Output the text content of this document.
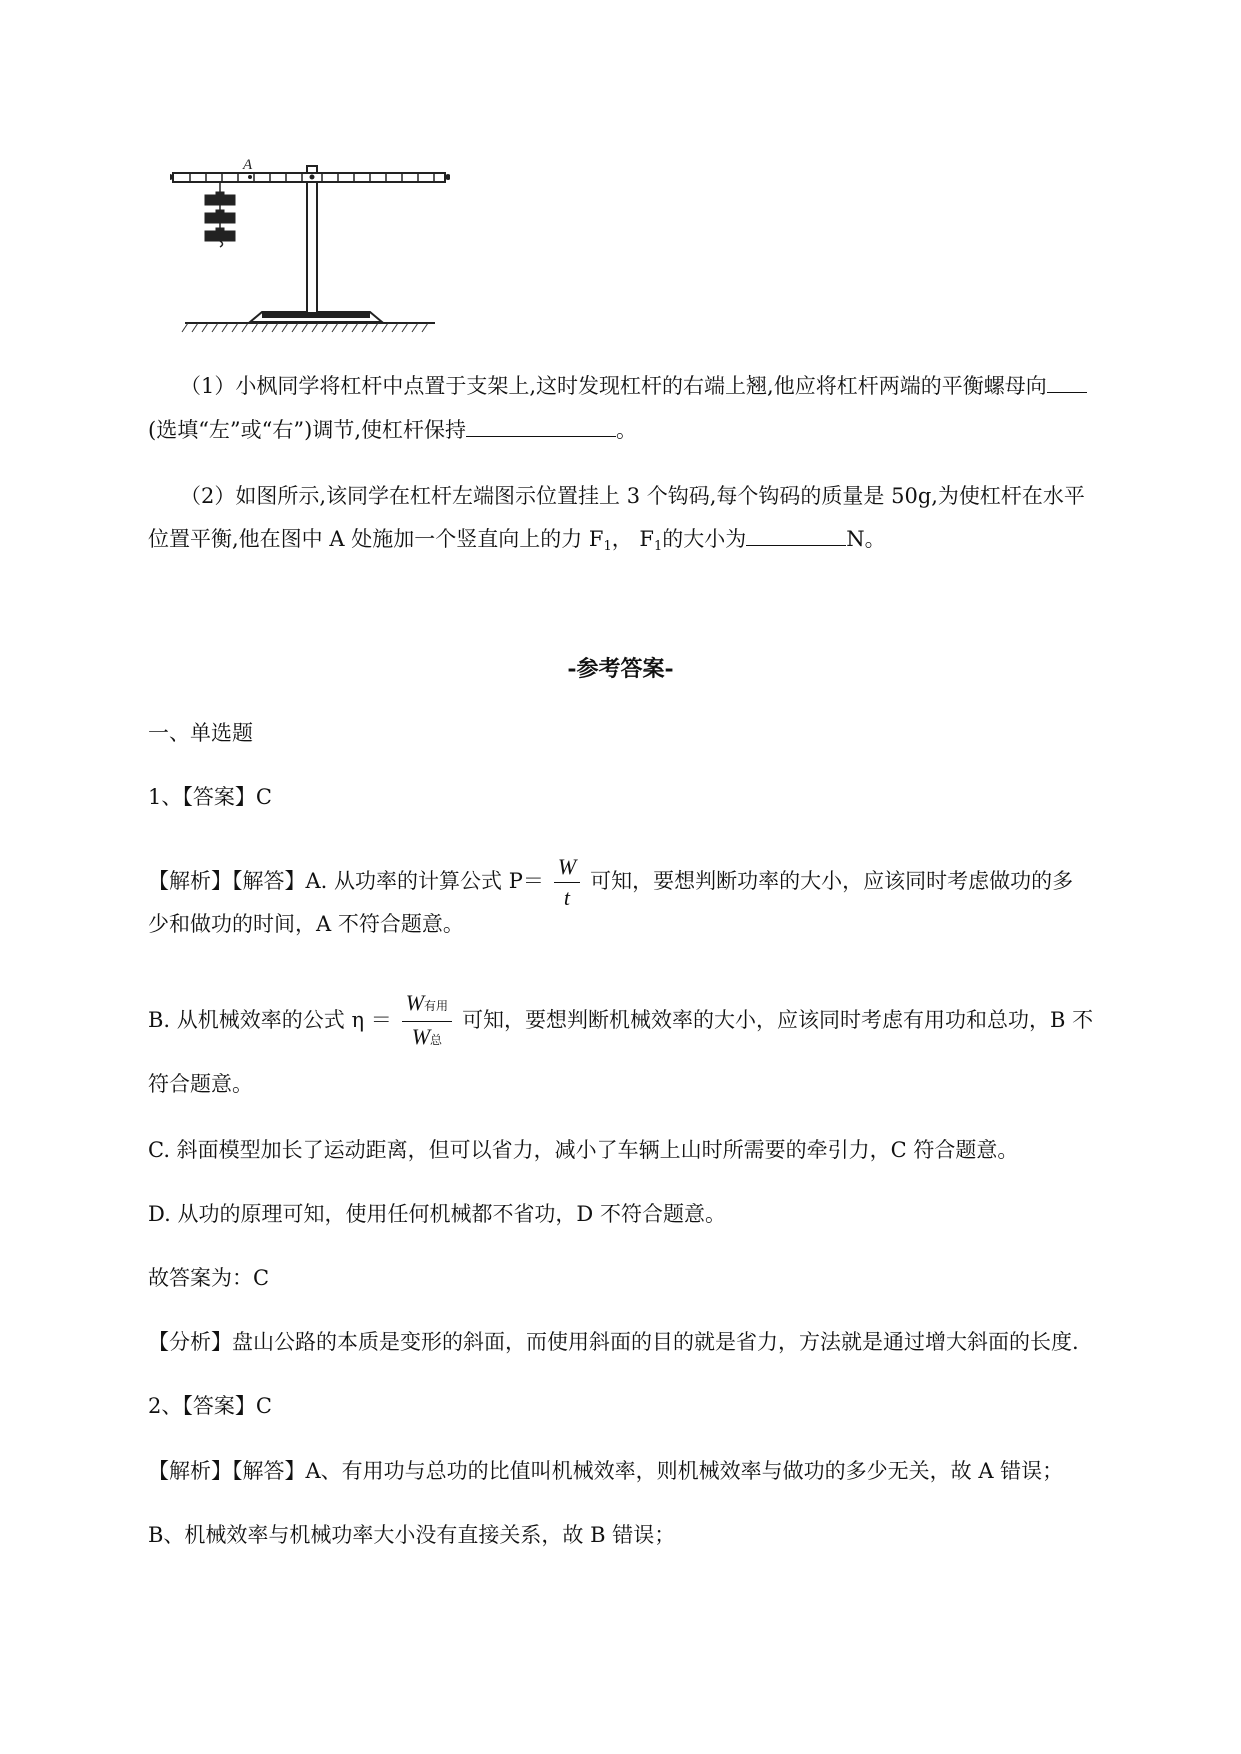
A
（1）小枫同学将杠杆中点置于支架上,这时发现杠杆的右端上翘,他应将杠杆两端的平衡螺母向
(选填“左”或“右”)调节,使杠杆保持	。
（2）如图所示,该同学在杠杆左端图示位置挂上 3 个钩码,每个钩码的质量是 50g,为使杠杆在水平
位置平衡,他在图中 A 处施加一个竖直向上的力 $F_1$， $F_1$的大小为	N。
-参考答案-
一、单选题
1、【答案】C
【解析】【解答】A. 从功率的计算公式 $P= \frac{W}{t}$ 可知，要想判断功率的大小，应该同时考虑做功的多
少和做功的时间，A 不符合题意。
B. 从机械效率的公式 $\eta = \frac{\text{W有用}}{\text{W总}}$ 可知，要想判断机械效率的大小，应该同时考虑有用功和总功，B 不
符合题意。
C. 斜面模型加长了运动距离，但可以省力，减小了车辆上山时所需要的牵引力，C 符合题意。
D. 从功的原理可知，使用任何机械都不省功，D 不符合题意。
故答案为：C
【分析】盘山公路的本质是变形的斜面，而使用斜面的目的就是省力，方法就是通过增大斜面的长度.
2、【答案】C
【解析】【解答】A、有用功与总功的比值叫机械效率，则机械效率与做功的多少无关，故 A 错误；
B、机械效率与机械功率大小没有直接关系，故 B 错误；
